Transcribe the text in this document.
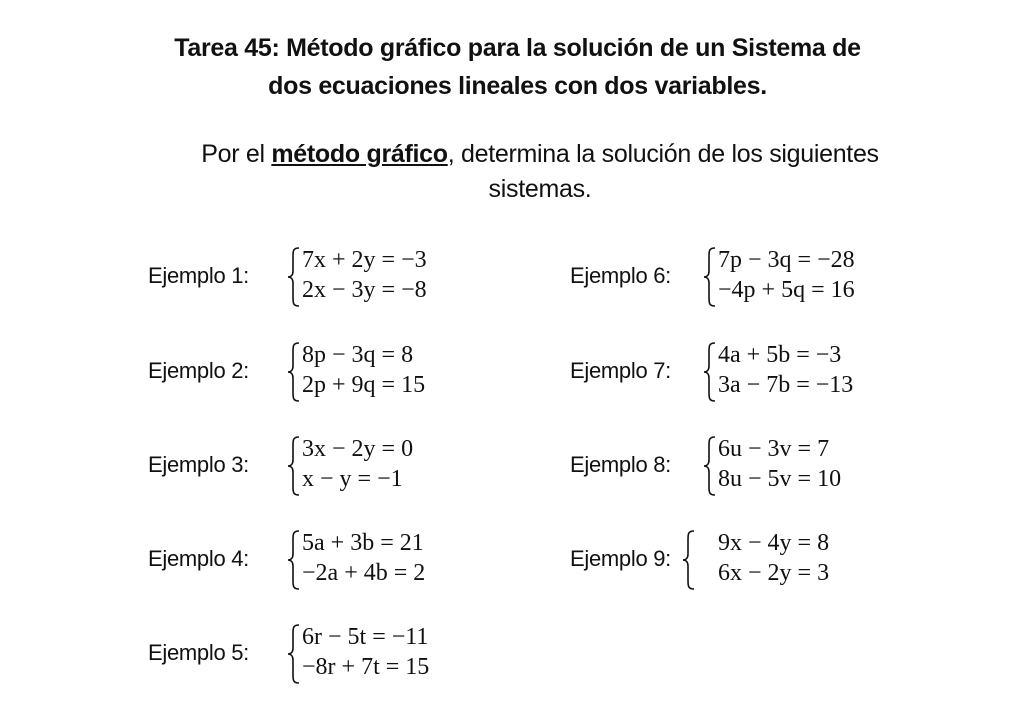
Tarea 45: Método gráfico para la solución de un Sistema de
dos ecuaciones lineales con dos variables.
Por el método gráfico, determina la solución de los siguientes
sistemas.
Ejemplo 1:
7x + 2y = −3
2x − 3y = −8
Ejemplo 2:
8p − 3q = 8
2p + 9q = 15
Ejemplo 3:
3x − 2y = 0
x − y = −1
Ejemplo 4:
5a + 3b = 21
−2a + 4b = 2
Ejemplo 5:
6r − 5t = −11
−8r + 7t = 15
Ejemplo 6:
7p − 3q = −28
−4p + 5q = 16
Ejemplo 7:
4a + 5b = −3
3a − 7b = −13
Ejemplo 8:
6u − 3v = 7
8u − 5v = 10
Ejemplo 9:
9x − 4y = 8
6x − 2y = 3
